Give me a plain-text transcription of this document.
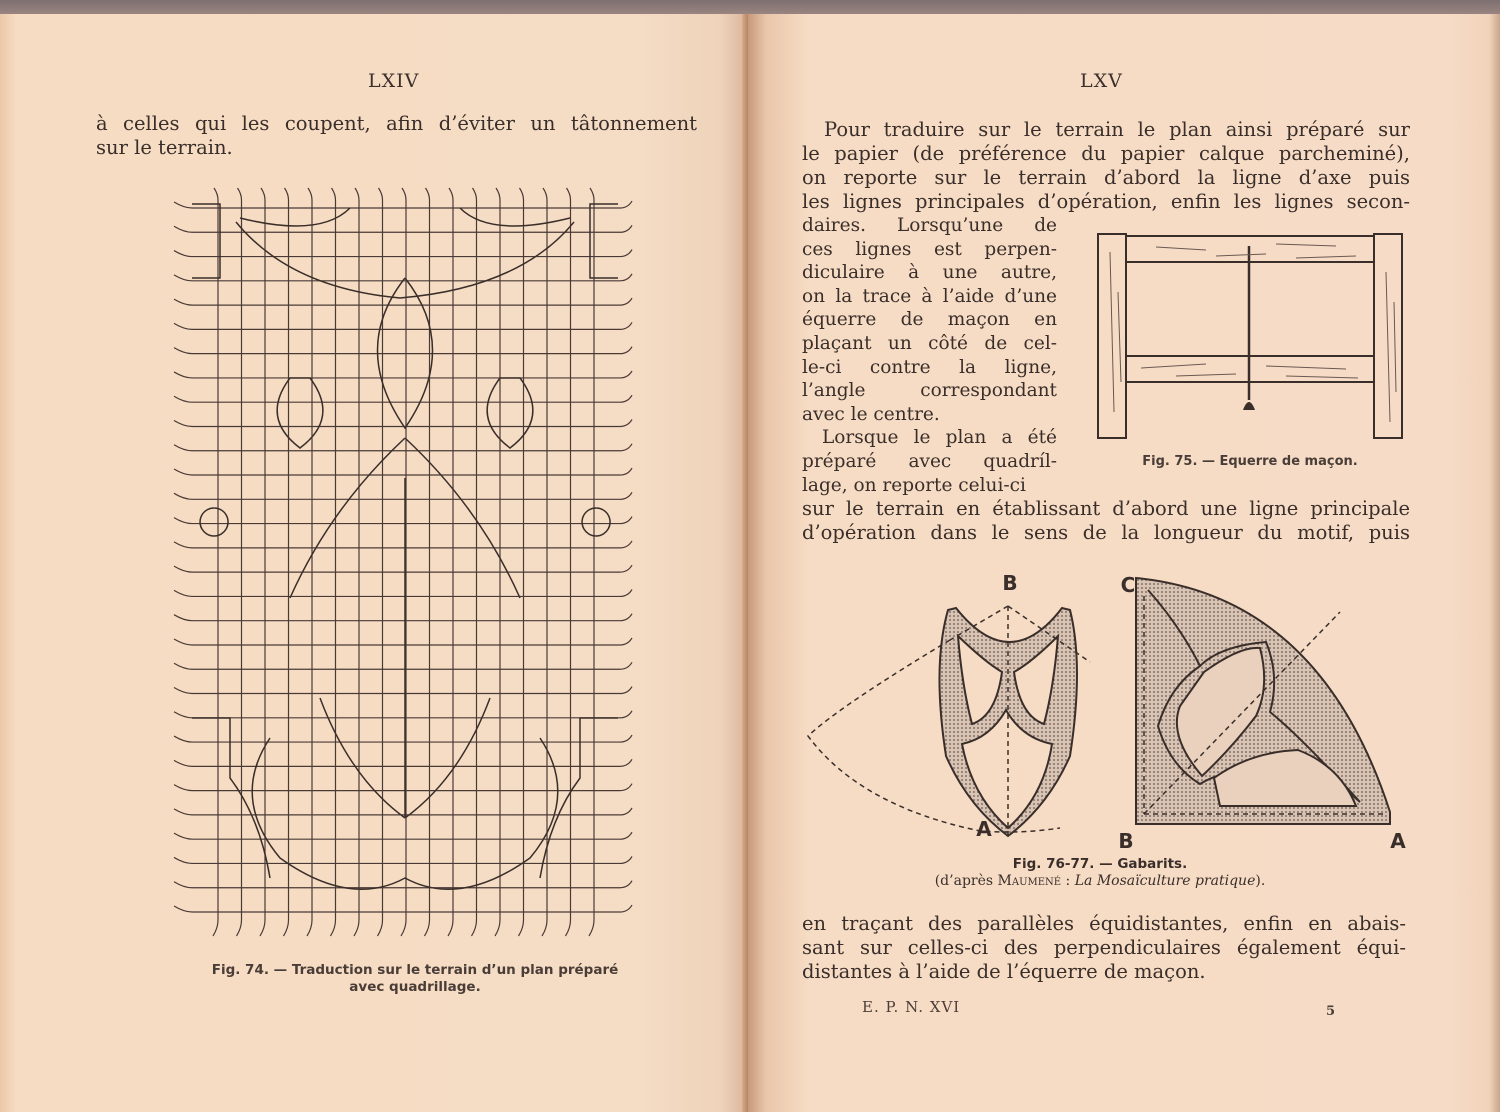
LXIV
à celles qui les coupent, afin d’éviter un tâtonnement
sur le terrain.
Fig. 74. — Traduction sur le terrain d’un plan préparé
avec quadrillage.
LXV
Pour traduire sur le terrain le plan ainsi préparé sur
le papier (de préférence du papier calque parcheminé),
on reporte sur le terrain d’abord la ligne d’axe puis
les lignes principales d’opération, enfin les lignes secon-
daires. Lorsqu’une de
ces lignes est perpen-
diculaire à une autre,
on la trace à l’aide d’une
équerre de maçon en
plaçant un côté de cel-
le-ci contre la ligne,
l’angle correspondant
avec le centre.
Lorsque le plan a été
préparé avec quadríl-
lage, on reporte celui-ci
Fig. 75. — Equerre de maçon.
sur le terrain en établissant d’abord une ligne principale
d’opération dans le sens de la longueur du motif, puis
B
A
C
B	A
Fig. 76-77. — Gabarits.
(d’après Maumené : La Mosaïculture pratique).
en traçant des parallèles équidistantes, enfin en abais-
sant sur celles-ci des perpendiculaires également équi-
distantes à l’aide de l’équerre de maçon.
E. P. N. XVI	5
